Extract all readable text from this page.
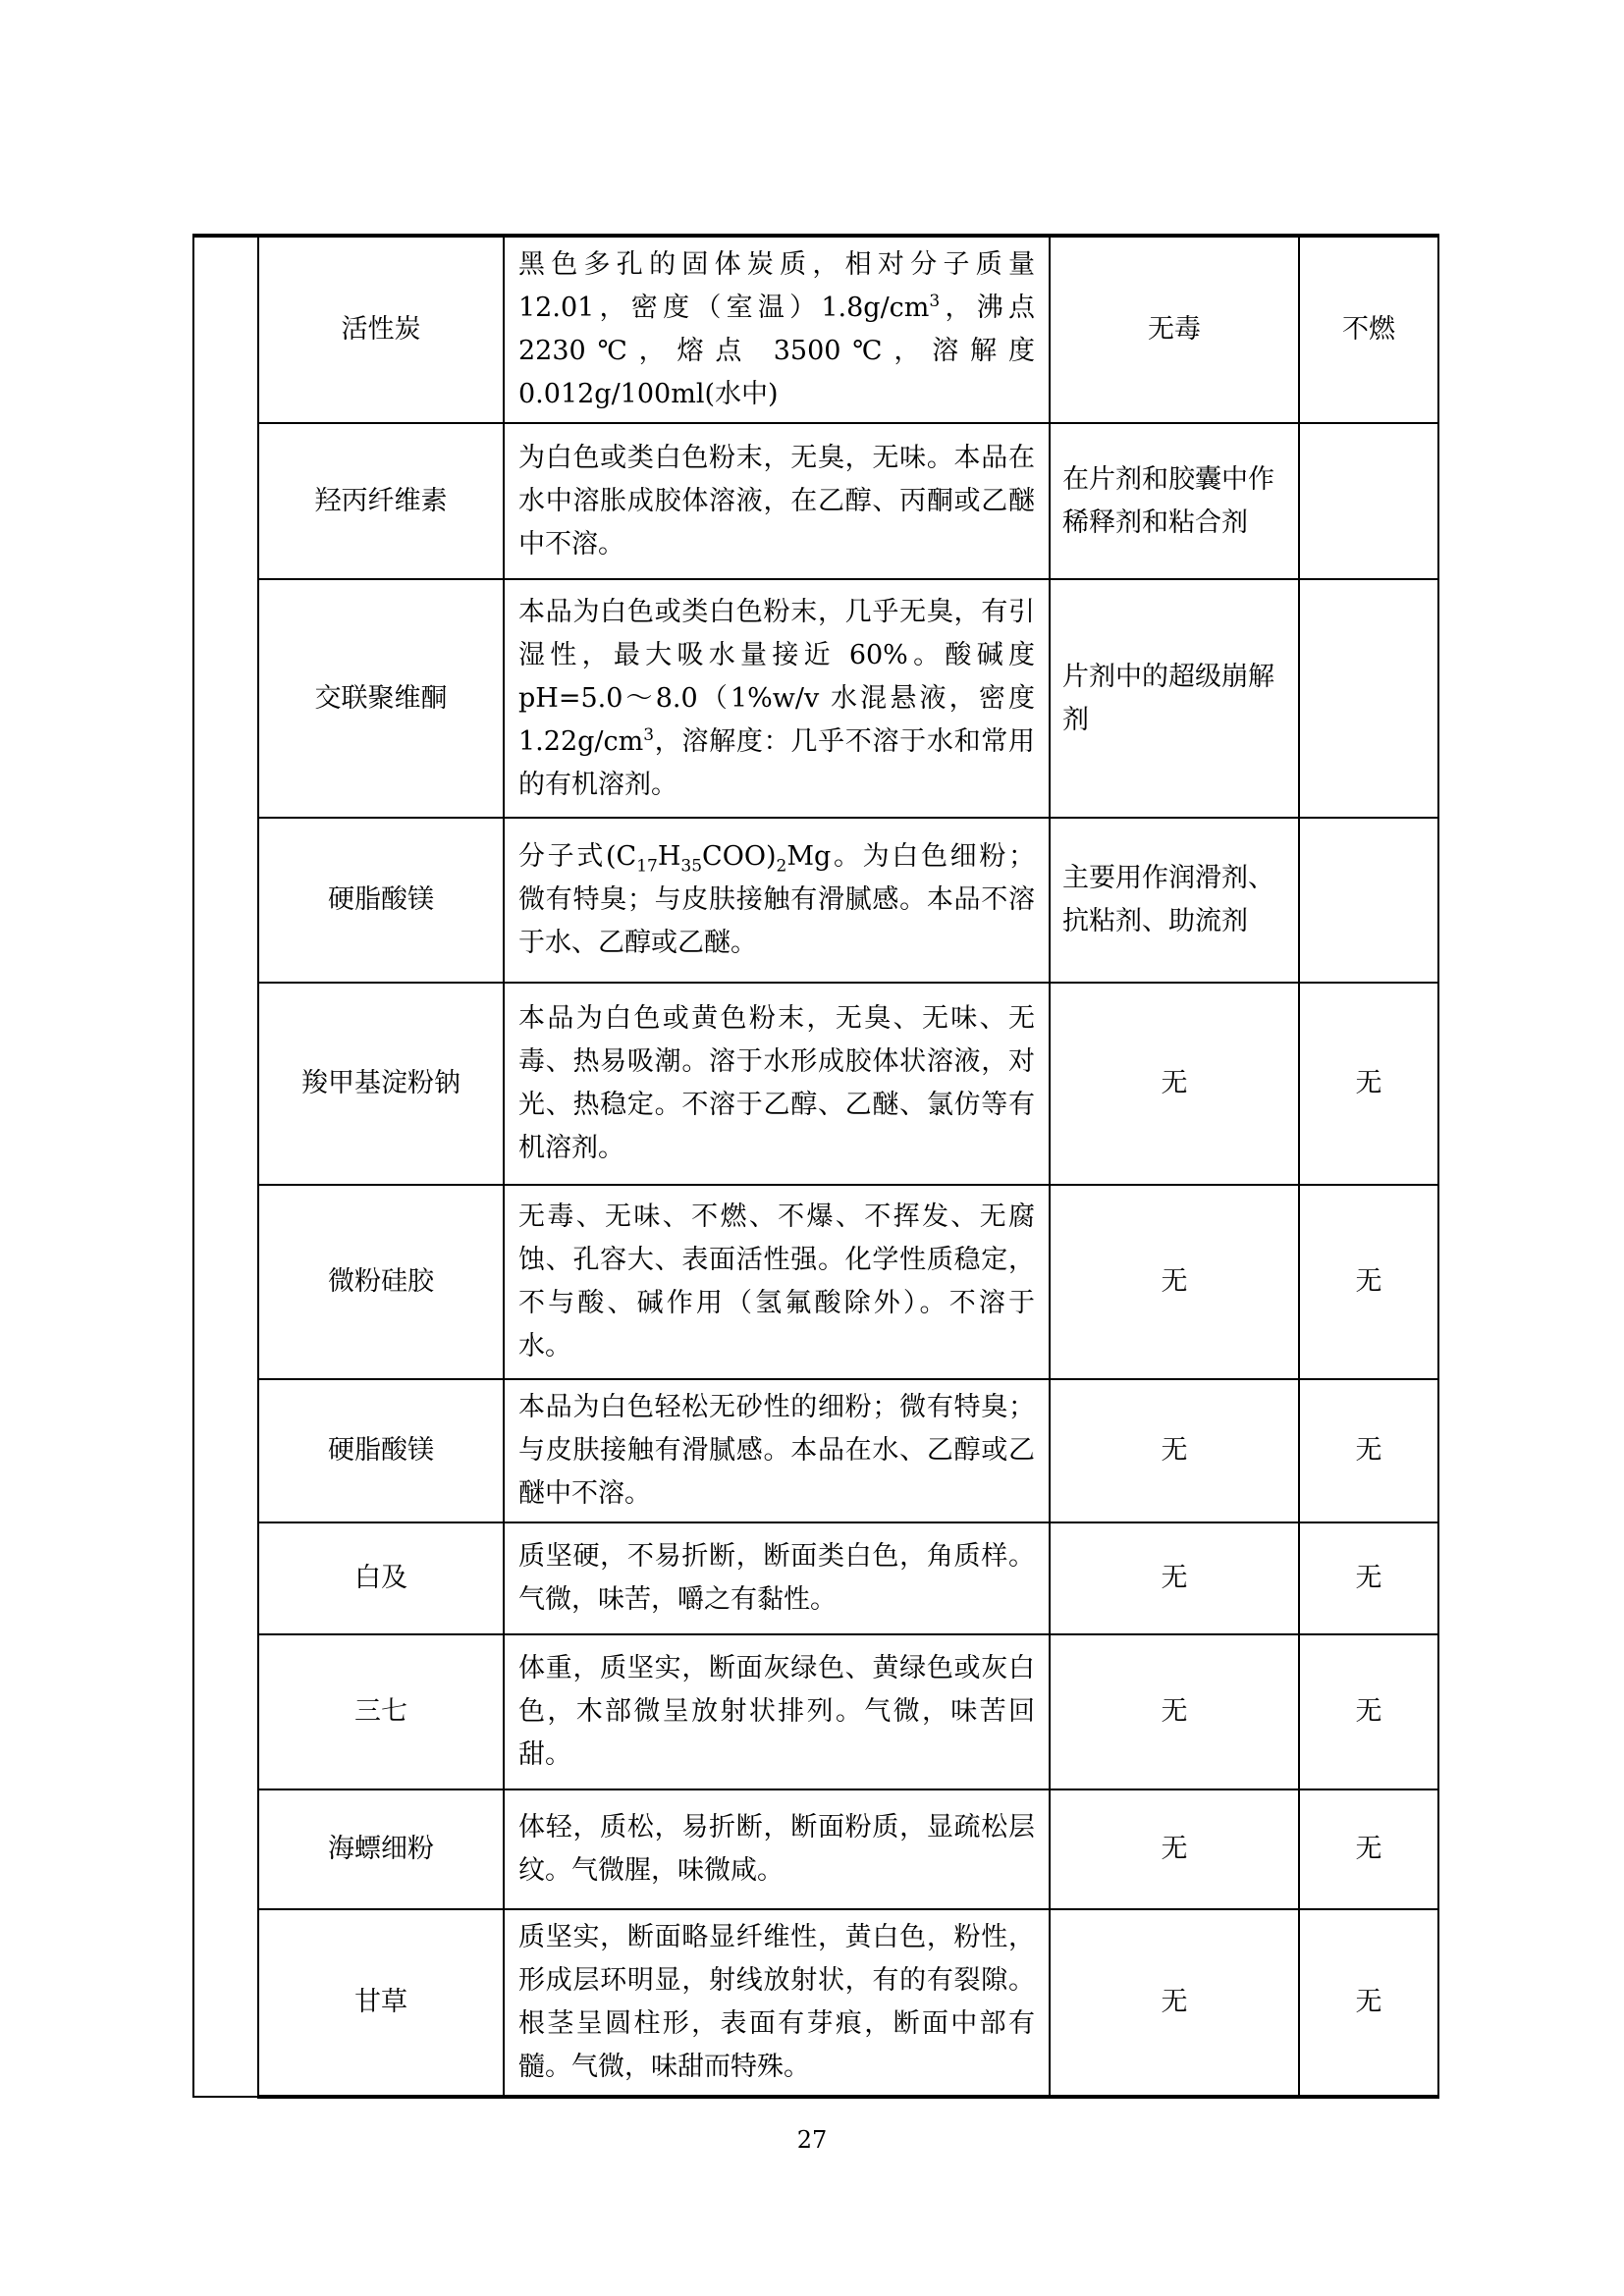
	活性炭	黑色多孔的固体炭质，相对分子质量12.01，密度（室温）$1.8g/cm^3$，沸点 2230℃，熔点 3500℃，溶解度 0.012g/100ml(水中)	无毒	不燃
	羟丙纤维素	为白色或类白色粉末，无臭，无味。本品在水中溶胀成胶体溶液，在乙醇、丙酮或乙醚中不溶。	在片剂和胶囊中作稀释剂和粘合剂	
	交联聚维酮	本品为白色或类白色粉末，几乎无臭，有引湿性，最大吸水量接近 60%。酸碱度 pH=5.0～8.0（1%w/v 水混悬液，密度 $1.22g/cm^3$，溶解度：几乎不溶于水和常用的有机溶剂。	片剂中的超级崩解剂	
	硬脂酸镁	分子式$(C_{17}H_{35}COO)_2Mg$。为白色细粉；微有特臭；与皮肤接触有滑腻感。本品不溶于水、乙醇或乙醚。	主要用作润滑剂、抗粘剂、助流剂	
	羧甲基淀粉钠	本品为白色或黄色粉末，无臭、无味、无毒、热易吸潮。溶于水形成胶体状溶液，对光、热稳定。不溶于乙醇、乙醚、氯仿等有机溶剂。	无	无
	微粉硅胶	无毒、无味、不燃、不爆、不挥发、无腐蚀、孔容大、表面活性强。化学性质稳定，不与酸、碱作用（氢氟酸除外）。不溶于水。	无	无
	硬脂酸镁	本品为白色轻松无砂性的细粉；微有特臭；与皮肤接触有滑腻感。本品在水、乙醇或乙醚中不溶。	无	无
	白及	质坚硬，不易折断，断面类白色，角质样。气微，味苦，嚼之有黏性。	无	无
	三七	体重，质坚实，断面灰绿色、黄绿色或灰白色，木部微呈放射状排列。气微，味苦回甜。	无	无
	海螵细粉	体轻，质松，易折断，断面粉质，显疏松层纹。气微腥，味微咸。	无	无
	甘草	质坚实，断面略显纤维性，黄白色，粉性，形成层环明显，射线放射状，有的有裂隙。根茎呈圆柱形，表面有芽痕，断面中部有髓。气微，味甜而特殊。	无	无
27
